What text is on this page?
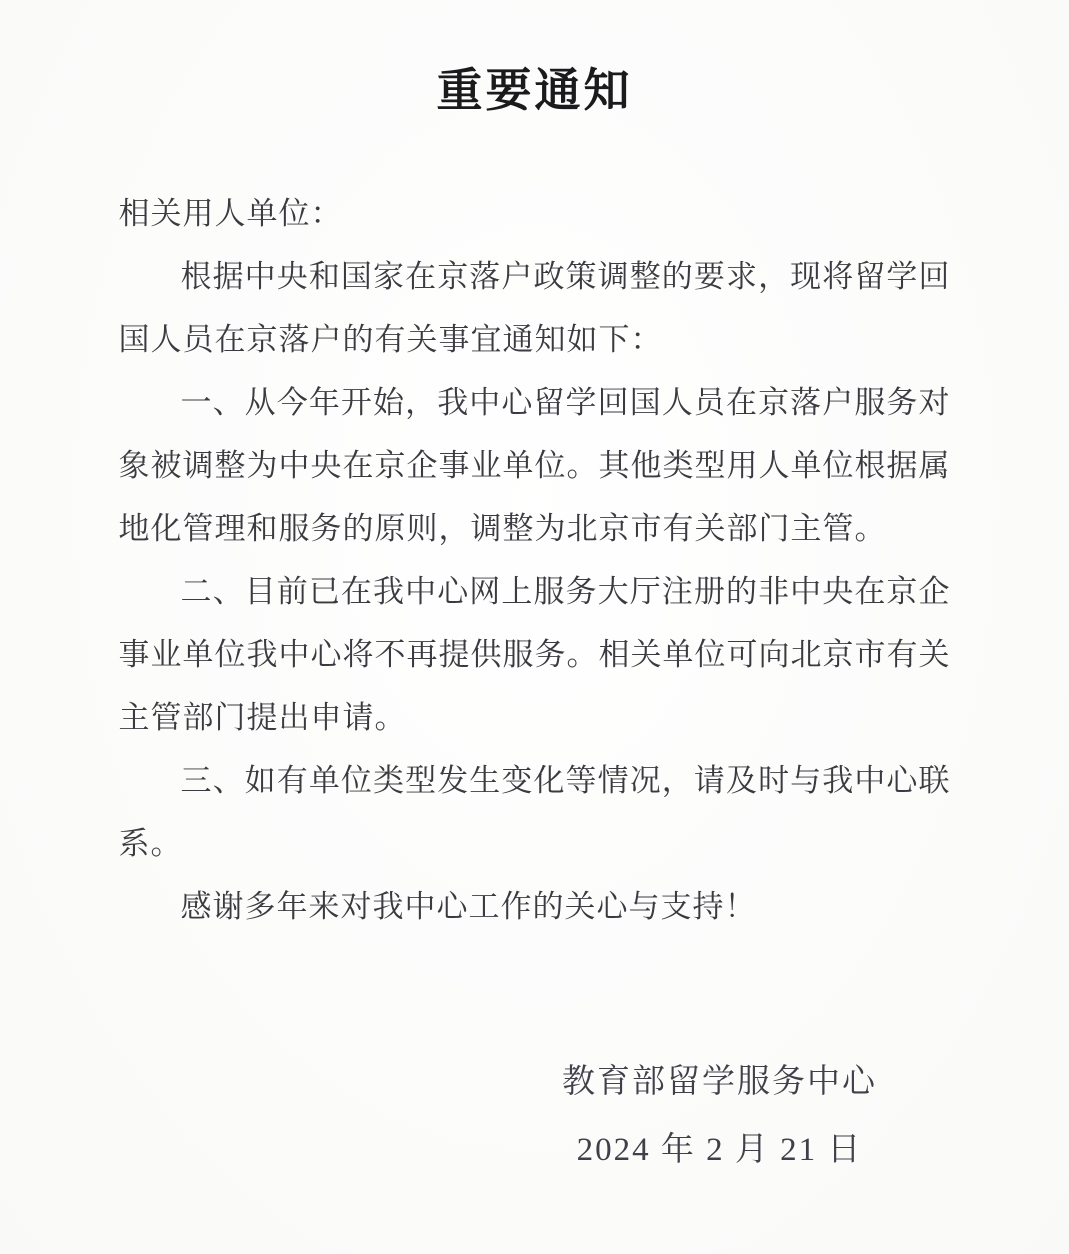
重要通知
相关用人单位：
根据中央和国家在京落户政策调整的要求，现将留学回
国人员在京落户的有关事宜通知如下：
一、从今年开始，我中心留学回国人员在京落户服务对
象被调整为中央在京企事业单位。其他类型用人单位根据属
地化管理和服务的原则，调整为北京市有关部门主管。
二、目前已在我中心网上服务大厅注册的非中央在京企
事业单位我中心将不再提供服务。相关单位可向北京市有关
主管部门提出申请。
三、如有单位类型发生变化等情况，请及时与我中心联
系。
感谢多年来对我中心工作的关心与支持！
教育部留学服务中心
2024 年 2 月 21 日
